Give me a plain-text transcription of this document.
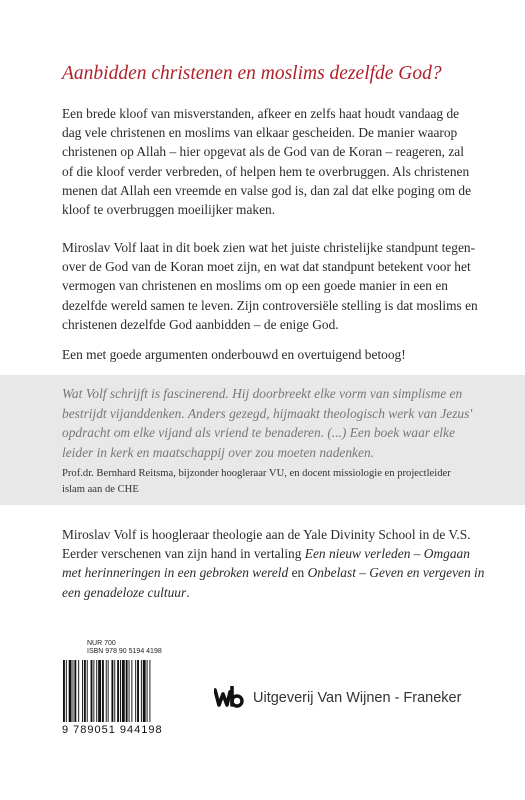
Aanbidden christenen en moslims dezelfde God?
Een brede kloof van misverstanden, afkeer en zelfs haat houdt vandaag de
dag vele christenen en moslims van elkaar gescheiden. De manier waarop
christenen op Allah – hier opgevat als de God van de Koran – reageren, zal
of die kloof verder verbreden, of helpen hem te overbruggen. Als christenen
menen dat Allah een vreemde en valse god is, dan zal dat elke poging om de
kloof te overbruggen moeilijker maken.
Miroslav Volf laat in dit boek zien wat het juiste christelijke standpunt tegen-
over de God van de Koran moet zijn, en wat dat standpunt betekent voor het
vermogen van christenen en moslims om op een goede manier in een en
dezelfde wereld samen te leven. Zijn controversiële stelling is dat moslims en
christenen dezelfde God aanbidden – de enige God.
Een met goede argumenten onderbouwd en overtuigend betoog!
Wat Volf schrijft is fascinerend. Hij doorbreekt elke vorm van simplisme en
bestrijdt vijanddenken. Anders gezegd, hijmaakt theologisch werk van Jezus'
opdracht om elke vijand als vriend te benaderen. (...) Een boek waar elke
leider in kerk en maatschappij over zou moeten nadenken.
Prof.dr. Bernhard Reitsma, bijzonder hoogleraar VU, en docent missiologie en projectleider
islam aan de CHE
Miroslav Volf is hoogleraar theologie aan de Yale Divinity School in de V.S.
Eerder verschenen van zijn hand in vertaling Een nieuw verleden – Omgaan
met herinneringen in een gebroken wereld en Onbelast – Geven en vergeven in
een genadeloze cultuur.
NUR 700
ISBN 978 90 5194 4198
9 789051 944198
Uitgeverij Van Wijnen - Franeker
